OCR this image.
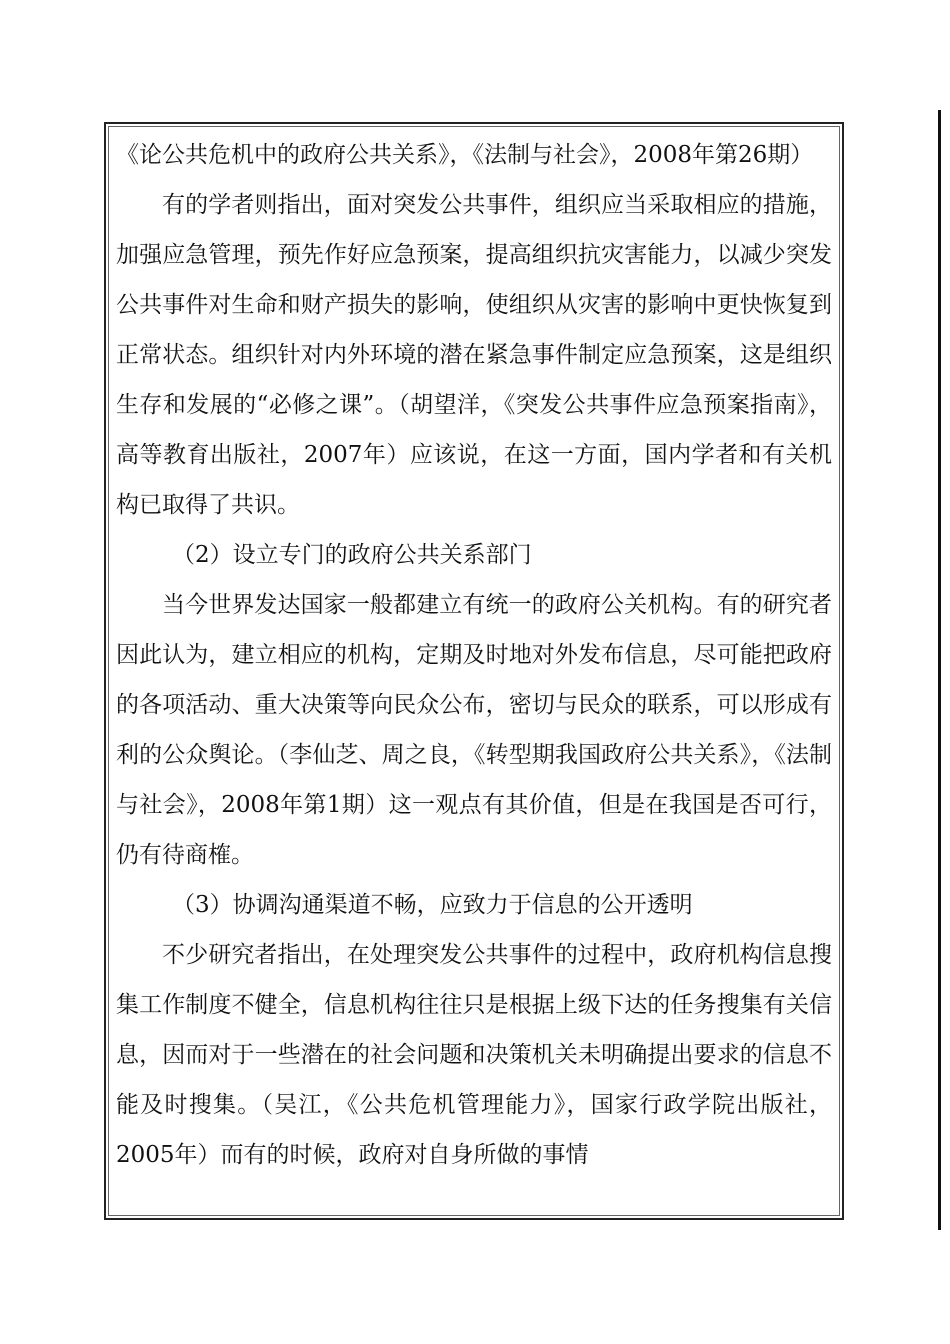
《论公共危机中的政府公共关系》，《法制与社会》，2008年第26期）

有的学者则指出，面对突发公共事件，组织应当采取相应的措施，加强应急管理，预先作好应急预案，提高组织抗灾害能力，以减少突发公共事件对生命和财产损失的影响，使组织从灾害的影响中更快恢复到正常状态。组织针对内外环境的潜在紧急事件制定应急预案，这是组织生存和发展的“必修之课”。（胡望洋，《突发公共事件应急预案指南》，高等教育出版社，2007年）应该说，在这一方面，国内学者和有关机构已取得了共识。

（2）设立专门的政府公共关系部门

当今世界发达国家一般都建立有统一的政府公关机构。有的研究者因此认为，建立相应的机构，定期及时地对外发布信息，尽可能把政府的各项活动、重大决策等向民众公布，密切与民众的联系，可以形成有利的公众舆论。（李仙芝、周之良，《转型期我国政府公共关系》，《法制与社会》，2008年第1期）这一观点有其价值，但是在我国是否可行，仍有待商榷。

（3）协调沟通渠道不畅，应致力于信息的公开透明

不少研究者指出，在处理突发公共事件的过程中，政府机构信息搜集工作制度不健全，信息机构往往只是根据上级下达的任务搜集有关信息，因而对于一些潜在的社会问题和决策机关未明确提出要求的信息不能及时搜集。（吴江，《公共危机管理能力》，国家行政学院出版社，2005年）而有的时候，政府对自身所做的事情
